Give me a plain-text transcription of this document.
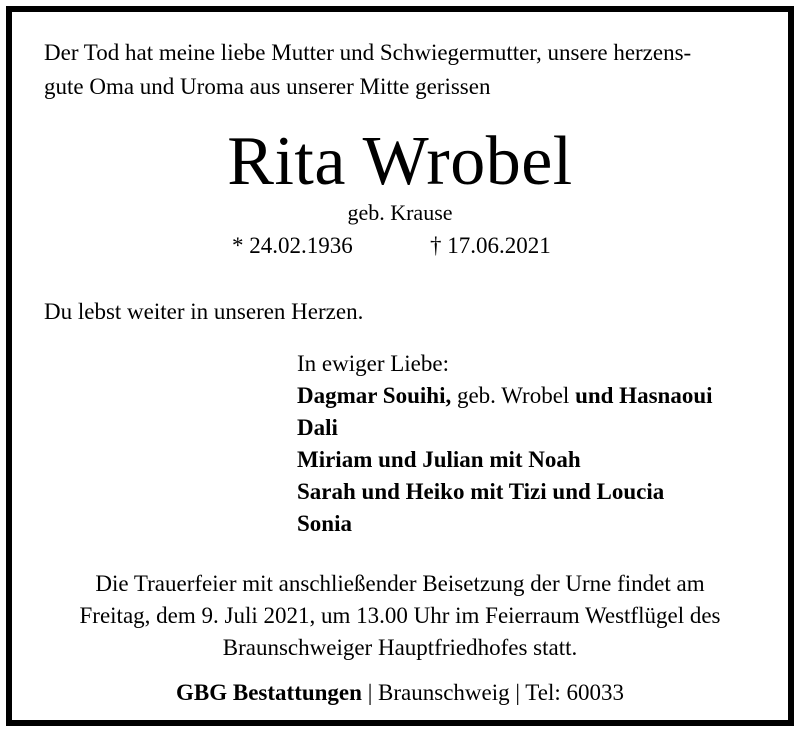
Der Tod hat meine liebe Mutter und Schwiegermutter, unsere herzens-
gute Oma und Uroma aus unserer Mitte gerissen
Rita Wrobel
geb. Krause
* 24.02.1936	† 17.06.2021
Du lebst weiter in unseren Herzen.
In ewiger Liebe:
Dagmar Souihi, geb. Wrobel und Hasnaoui
Dali
Miriam und Julian mit Noah
Sarah und Heiko mit Tizi und Loucia
Sonia
Die Trauerfeier mit anschließender Beisetzung der Urne findet am
Freitag, dem 9. Juli 2021, um 13.00 Uhr im Feierraum Westflügel des
Braunschweiger Hauptfriedhofes statt.
GBG Bestattungen | Braunschweig | Tel: 60033
